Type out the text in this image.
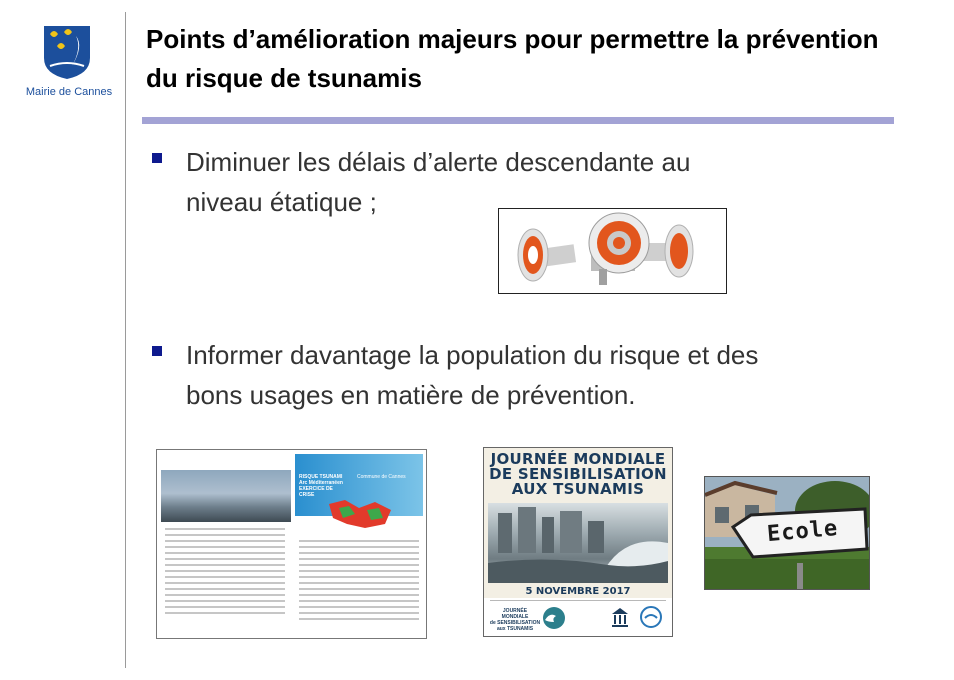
Mairie de Cannes
Points d’amélioration majeurs pour permettre la prévention du risque de tsunamis
Diminuer les délais d’alerte descendante au
niveau étatique ;
Informer davantage la population du risque et des
bons usages en matière de prévention.
RISQUE TSUNAMI Arc Méditerranéen EXERCICE DE CRISE
Commune de Cannes
JOURNÉE MONDIALE
DE SENSIBILISATION
AUX TSUNAMIS
5 NOVEMBRE 2017
JOURNÉE
MONDIALE
de SENSIBILISATION
aux TSUNAMIS
Ecole
